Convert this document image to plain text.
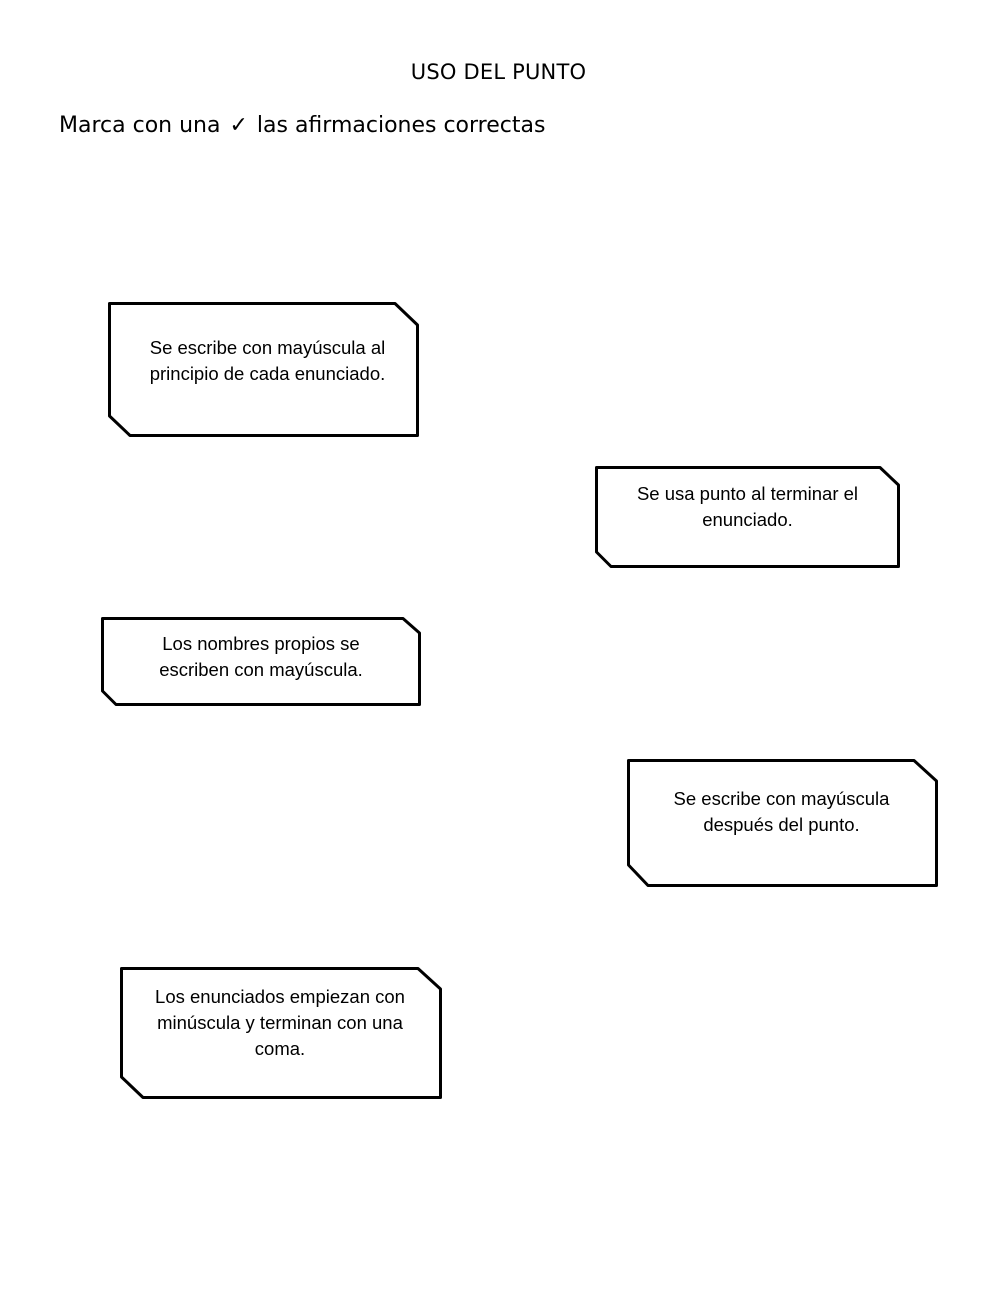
USO DEL PUNTO
Marca con una ✓ las afirmaciones correctas
Se escribe con mayúscula al
principio de cada enunciado.
Se usa punto al terminar el
enunciado.
Los nombres propios se
escriben con mayúscula.
Se escribe con mayúscula
después del punto.
Los enunciados empiezan con
minúscula y terminan con una
coma.
